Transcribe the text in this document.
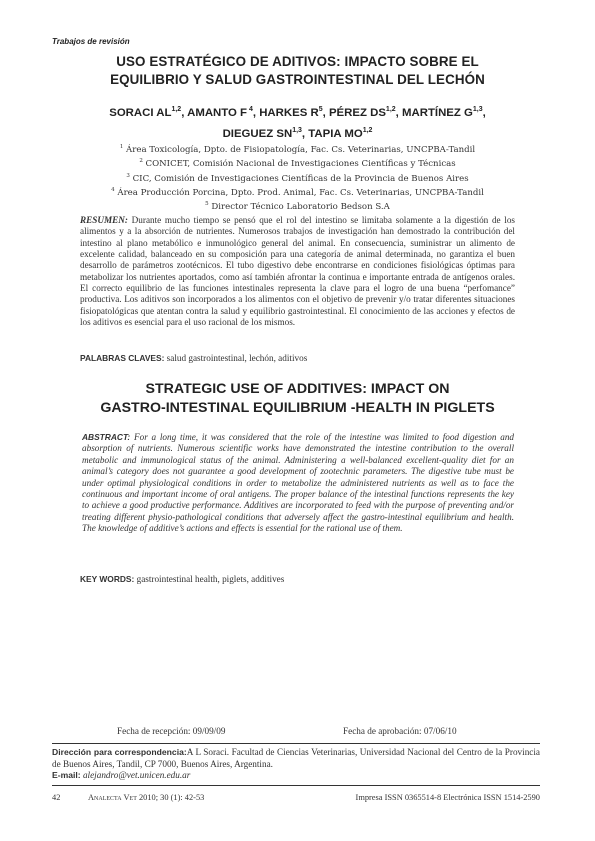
Trabajos de revisión
USO ESTRATÉGICO DE ADITIVOS: IMPACTO SOBRE EL
EQUILIBRIO Y SALUD GASTROINTESTINAL DEL LECHÓN
SORACI AL$^{1,2}$, AMANTO F $^4$, HARKES $R^5$, PÉREZ DS$^{1,2}$, MARTÍNEZ G$^{1,3}$,
DIEGUEZ SN$^{1,3}$, TAPIA MO$^{1,2}$
$^1$ Área Toxicología, Dpto. de Fisiopatología, Fac. Cs. Veterinarias, UNCPBA-Tandil
$^2$ CONICET, Comisión Nacional de Investigaciones Científicas y Técnicas
$^3$ CIC, Comisión de Investigaciones Científicas de la Provincia de Buenos Aires
$^4$ Área Producción Porcina, Dpto. Prod. Animal, Fac. Cs. Veterinarias, UNCPBA-Tandil
$^5$ Director Técnico Laboratorio Bedson S.A
RESUMEN: Durante mucho tiempo se pensó que el rol del intestino se limitaba solamente a la digestión de los alimentos y a la absorción de nutrientes. Numerosos trabajos de investigación han demostrado la contribución del intestino al plano metabólico e inmunológico general del animal. En consecuencia, suministrar un alimento de excelente calidad, balanceado en su composición para una categoría de animal determinada, no garantiza el buen desarrollo de parámetros zootécnicos. El tubo digestivo debe encontrarse en condiciones fisiológicas óptimas para metabolizar los nutrientes aportados, como así también afrontar la continua e importante entrada de antígenos orales. El correcto equilibrio de las funciones intestinales representa la clave para el logro de una buena “perfomance” productiva. Los aditivos son incorporados a los alimentos con el objetivo de prevenir y/o tratar diferentes situaciones fisiopatológicas que atentan contra la salud y equilibrio gastrointestinal. El conocimiento de las acciones y efectos de los aditivos es esencial para el uso racional de los mismos.
PALABRAS CLAVES: salud gastrointestinal, lechón, aditivos
STRATEGIC USE OF ADDITIVES: IMPACT ON
GASTRO-INTESTINAL EQUILIBRIUM -HEALTH IN PIGLETS
ABSTRACT: For a long time, it was considered that the role of the intestine was limited to food digestion and absorption of nutrients. Numerous scientific works have demonstrated the intestine contribution to the overall metabolic and immunological status of the animal. Administering a well-balanced excellent-quality diet for an animal’s category does not guarantee a good development of zootechnic parameters. The digestive tube must be under optimal physiological conditions in order to metabolize the administered nutrients as well as to face the continuous and important income of oral antigens. The proper balance of the intestinal functions represents the key to achieve a good productive performance. Additives are incorporated to feed with the purpose of preventing and/or treating different physio-pathological conditions that adversely affect the gastro-intestinal equilibrium and health. The knowledge of additive’s actions and effects is essential for the rational use of them.
KEY WORDS: gastrointestinal health, piglets, additives
Fecha de recepción: 09/09/09	Fecha de aprobación: 07/06/10
Dirección para correspondencia:A L Soraci. Facultad de Ciencias Veterinarias, Universidad Nacional del Centro de la Provincia de Buenos Aires, Tandil, CP 7000, Buenos Aires, Argentina.
E-mail: alejandro@vet.unicen.edu.ar
42	Analecta Vet 2010; 30 (1): 42-53	Impresa ISSN 0365514-8 Electrónica ISSN 1514-2590
